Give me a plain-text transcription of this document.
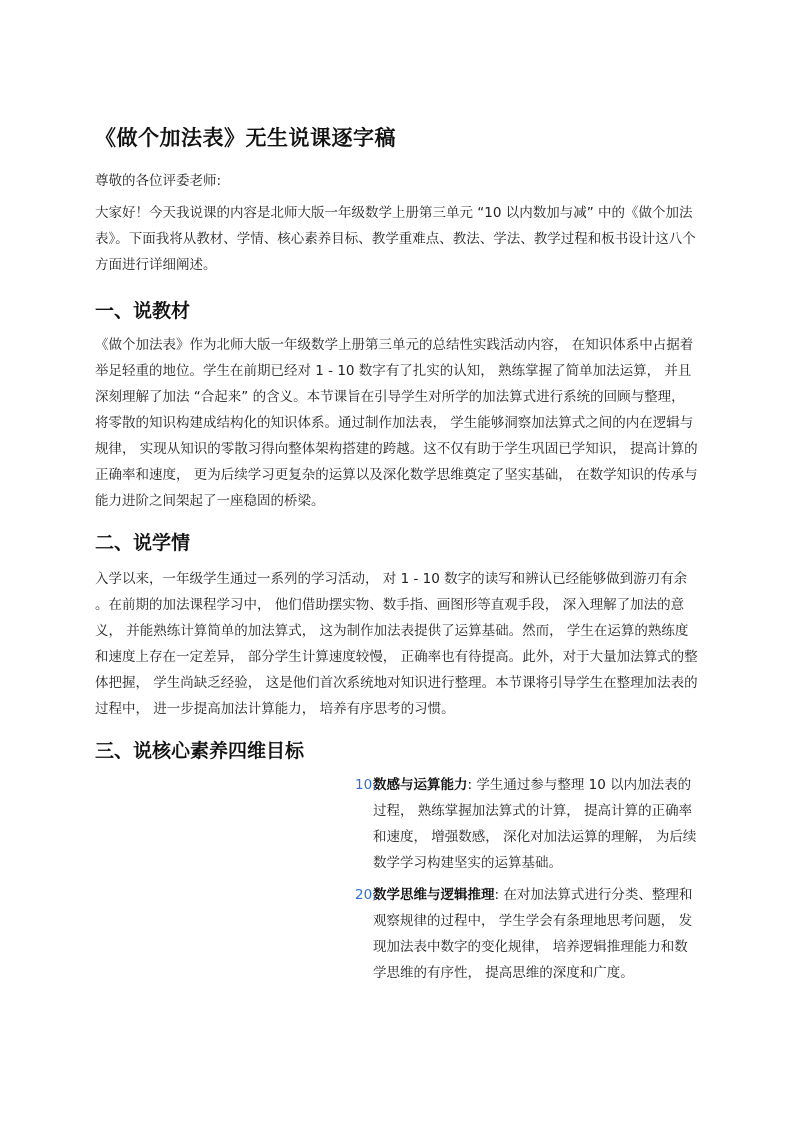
《做个加法表》无生说课逐字稿
尊敬的各位评委老师:
大家好！今天我说课的内容是北师大版一年级数学上册第三单元 “10 以内数加与减” 中的《做个加法表》。下面我将从教材、学情、核心素养目标、教学重难点、教法、学法、教学过程和板书设计这八个方面进行详细阐述。
一、说教材
《做个加法表》作为北师大版一年级数学上册第三单元的总结性实践活动内容， 在知识体系中占据着举足轻重的地位。学生在前期已经对 1 - 10 数字有了扎实的认知， 熟练掌握了简单加法运算， 并且深刻理解了加法 “合起来” 的含义。本节课旨在引导学生对所学的加法算式进行系统的回顾与整理， 将零散的知识构建成结构化的知识体系。通过制作加法表， 学生能够洞察加法算式之间的内在逻辑与规律， 实现从知识的零散习得向整体架构搭建的跨越。这不仅有助于学生巩固已学知识， 提高计算的正确率和速度， 更为后续学习更复杂的运算以及深化数学思维奠定了坚实基础， 在数学知识的传承与能力进阶之间架起了一座稳固的桥梁。
二、说学情
入学以来，一年级学生通过一系列的学习活动， 对 1 - 10 数字的读写和辨认已经能够做到游刃有余 。在前期的加法课程学习中， 他们借助摆实物、数手指、画图形等直观手段， 深入理解了加法的意义， 并能熟练计算简单的加法算式， 这为制作加法表提供了运算基础。然而， 学生在运算的熟练度和速度上存在一定差异， 部分学生计算速度较慢， 正确率也有待提高。此外，对于大量加法算式的整体把握， 学生尚缺乏经验， 这是他们首次系统地对知识进行整理。本节课将引导学生在整理加法表的过程中， 进一步提高加法计算能力， 培养有序思考的习惯。
三、说核心素养四维目标
10.
数感与运算能力: 学生通过参与整理 10 以内加法表的过程， 熟练掌握加法算式的计算， 提高计算的正确率和速度， 增强数感， 深化对加法运算的理解， 为后续数学学习构建坚实的运算基础。
20.
数学思维与逻辑推理: 在对加法算式进行分类、整理和观察规律的过程中， 学生学会有条理地思考问题， 发现加法表中数字的变化规律， 培养逻辑推理能力和数学思维的有序性， 提高思维的深度和广度。
